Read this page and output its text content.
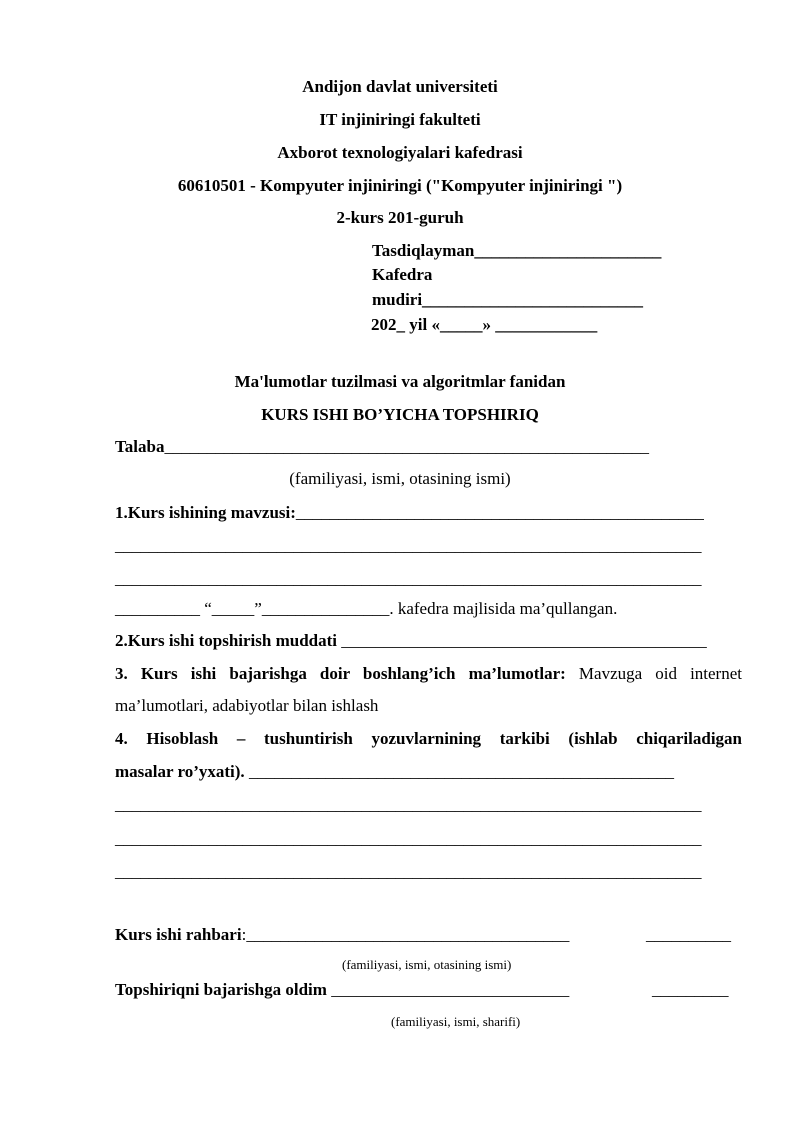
Andijon davlat universiteti
IT injiniringi fakulteti
Axborot texnologiyalari kafedrasi
60610501 - Kompyuter injiniringi ("Kompyuter injiniringi ")
2-kurs 201-guruh
Tasdiqlayman______________________
Kafedra
mudiri__________________________
202_ yil «_____» ____________
Ma'lumotlar tuzilmasi va algoritmlar fanidan
KURS ISHI BO’YICHA TOPSHIRIQ
Talaba_________________________________________________________
(familiyasi, ismi, otasining ismi)
1.Kurs ishining mavzusi:________________________________________________
_____________________________________________________________________
_____________________________________________________________________
__________ “_____”_______________. kafedra majlisida ma’qullangan.
2.Kurs ishi topshirish muddati ___________________________________________
3. Kurs ishi bajarishga doir boshlang’ich ma’lumotlar: Mavzuga oid internet
ma’lumotlari, adabiyotlar bilan ishlash
4. Hisoblash – tushuntirish yozuvlarnining tarkibi (ishlab chiqariladigan
masalar ro’yxati). __________________________________________________
_____________________________________________________________________
_____________________________________________________________________
_____________________________________________________________________
Kurs ishi rahbari:______________________________________	__________
(familiyasi, ismi, otasining ismi)
Topshiriqni bajarishga oldim ____________________________	_________
(familiyasi, ismi, sharifi)
